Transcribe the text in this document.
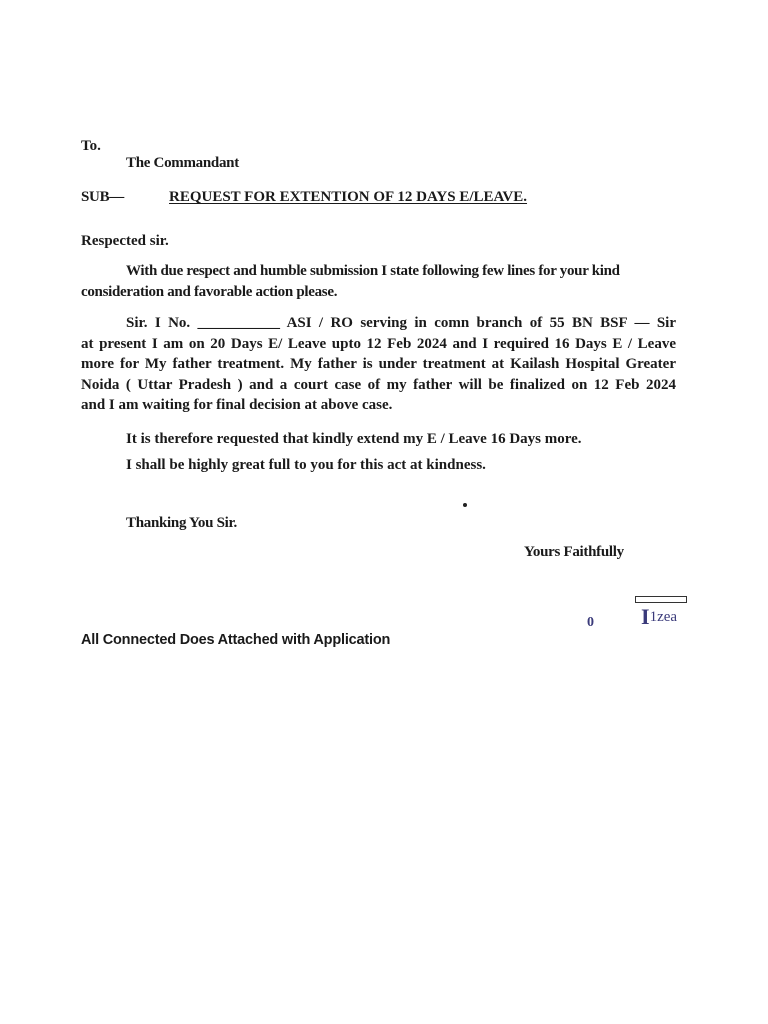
To.
The Commandant
SUB—	REQUEST FOR EXTENTION OF 12 DAYS E/LEAVE.
Respected sir.
With due respect and humble submission I state following few lines for your kind
consideration and favorable action please.
Sir. I No. ___________ ASI / RO serving in comn branch of 55 BN BSF — Sir
at present I am on 20 Days E/ Leave upto 12 Feb 2024 and I required 16 Days E / Leave
more for My father treatment. My father is under treatment at Kailash Hospital Greater
Noida ( Uttar Pradesh ) and a court case of my father will be finalized on 12 Feb 2024
and I am waiting for final decision at above case.
It is therefore requested that kindly extend my E / Leave 16 Days more.
I shall be highly great full to you for this act at kindness.
Thanking You Sir.
Yours Faithfully
0 I1zea
All Connected Does Attached with Application
